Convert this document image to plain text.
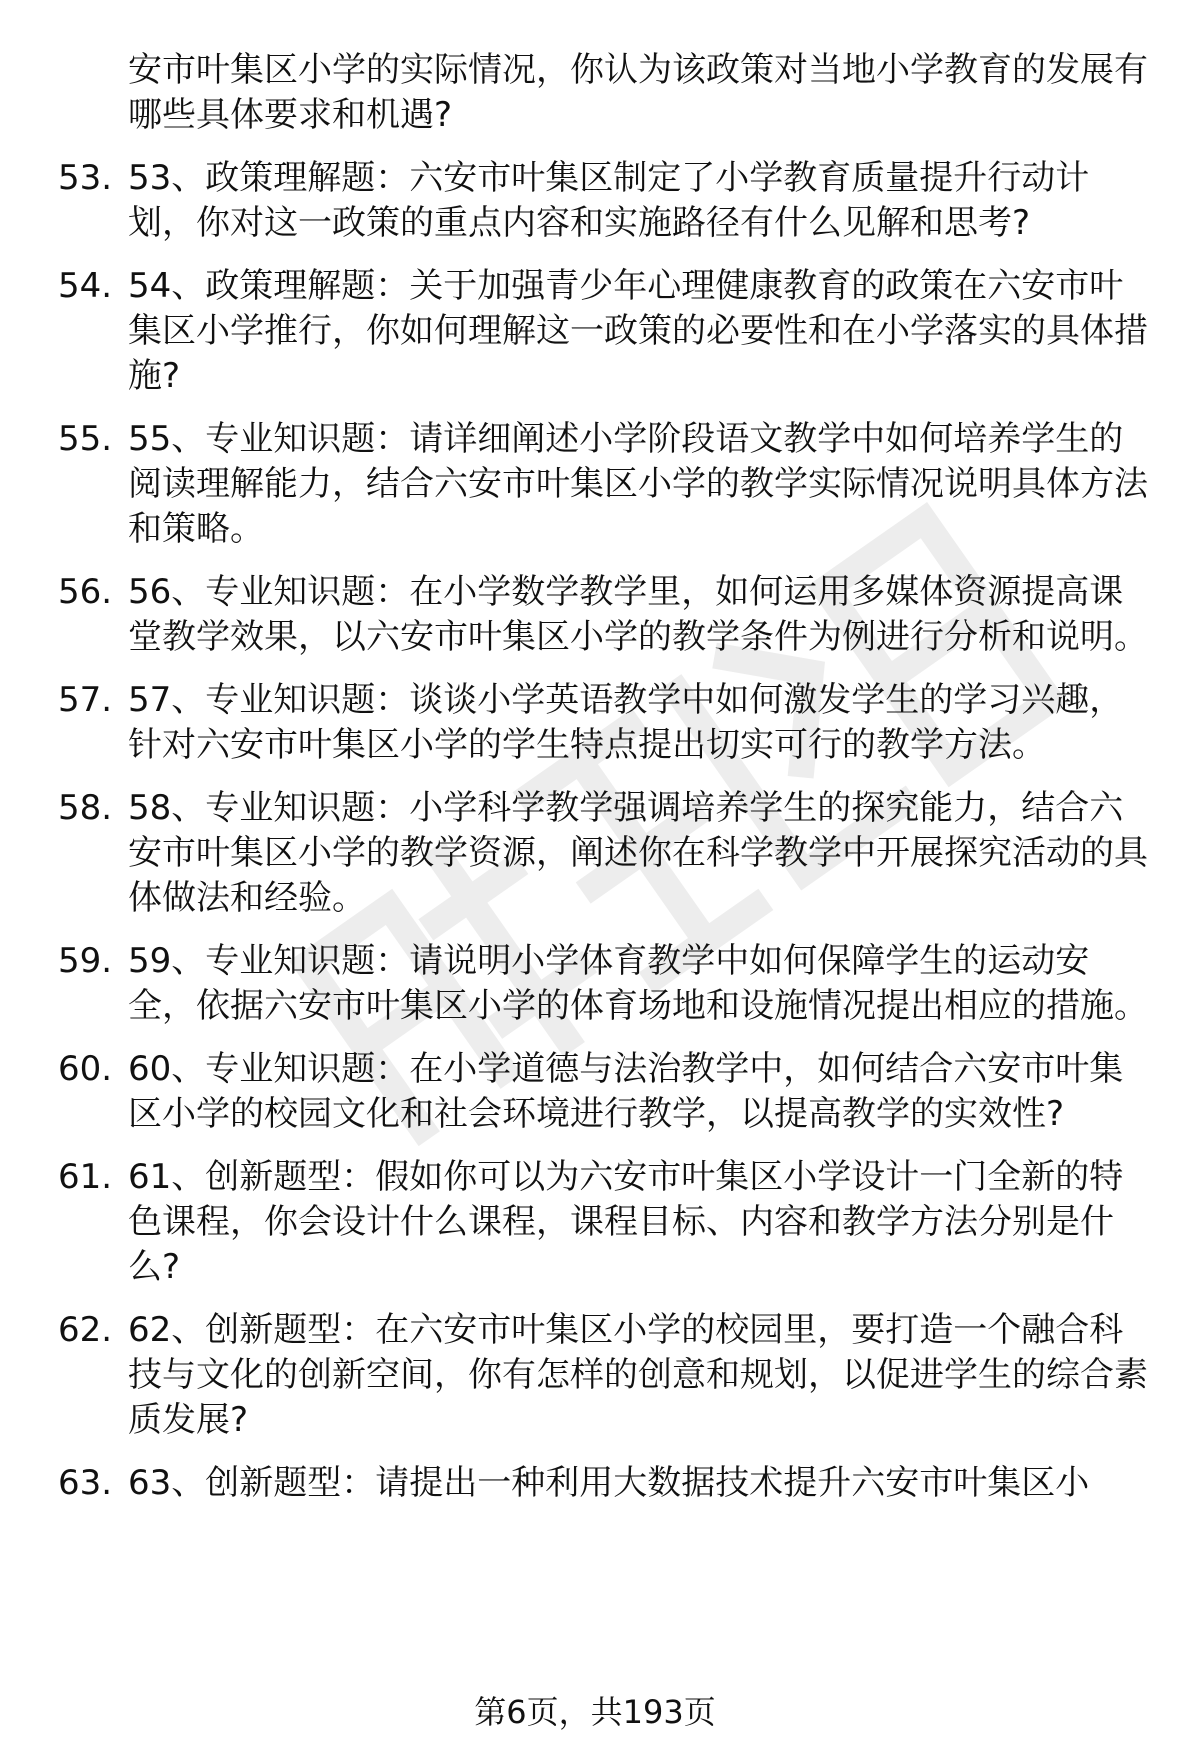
安市叶集区小学的实际情况，你认为该政策对当地小学教育的发展有哪些具体要求和机遇?
53. 53、政策理解题：六安市叶集区制定了小学教育质量提升行动计划，你对这一政策的重点内容和实施路径有什么见解和思考?
54. 54、政策理解题：关于加强青少年心理健康教育的政策在六安市叶集区小学推行，你如何理解这一政策的必要性和在小学落实的具体措施?
55. 55、专业知识题：请详细阐述小学阶段语文教学中如何培养学生的阅读理解能力，结合六安市叶集区小学的教学实际情况说明具体方法和策略。
56. 56、专业知识题：在小学数学教学里，如何运用多媒体资源提高课堂教学效果，以六安市叶集区小学的教学条件为例进行分析和说明。
57. 57、专业知识题：谈谈小学英语教学中如何激发学生的学习兴趣，针对六安市叶集区小学的学生特点提出切实可行的教学方法。
58. 58、专业知识题：小学科学教学强调培养学生的探究能力，结合六安市叶集区小学的教学资源，阐述你在科学教学中开展探究活动的具体做法和经验。
59. 59、专业知识题：请说明小学体育教学中如何保障学生的运动安全，依据六安市叶集区小学的体育场地和设施情况提出相应的措施。
60. 60、专业知识题：在小学道德与法治教学中，如何结合六安市叶集区小学的校园文化和社会环境进行教学，以提高教学的实效性?
61. 61、创新题型：假如你可以为六安市叶集区小学设计一门全新的特色课程，你会设计什么课程，课程目标、内容和教学方法分别是什么?
62. 62、创新题型：在六安市叶集区小学的校园里，要打造一个融合科技与文化的创新空间，你有怎样的创意和规划，以促进学生的综合素质发展?
63. 63、创新题型：请提出一种利用大数据技术提升六安市叶集区小
第6页，共193页
